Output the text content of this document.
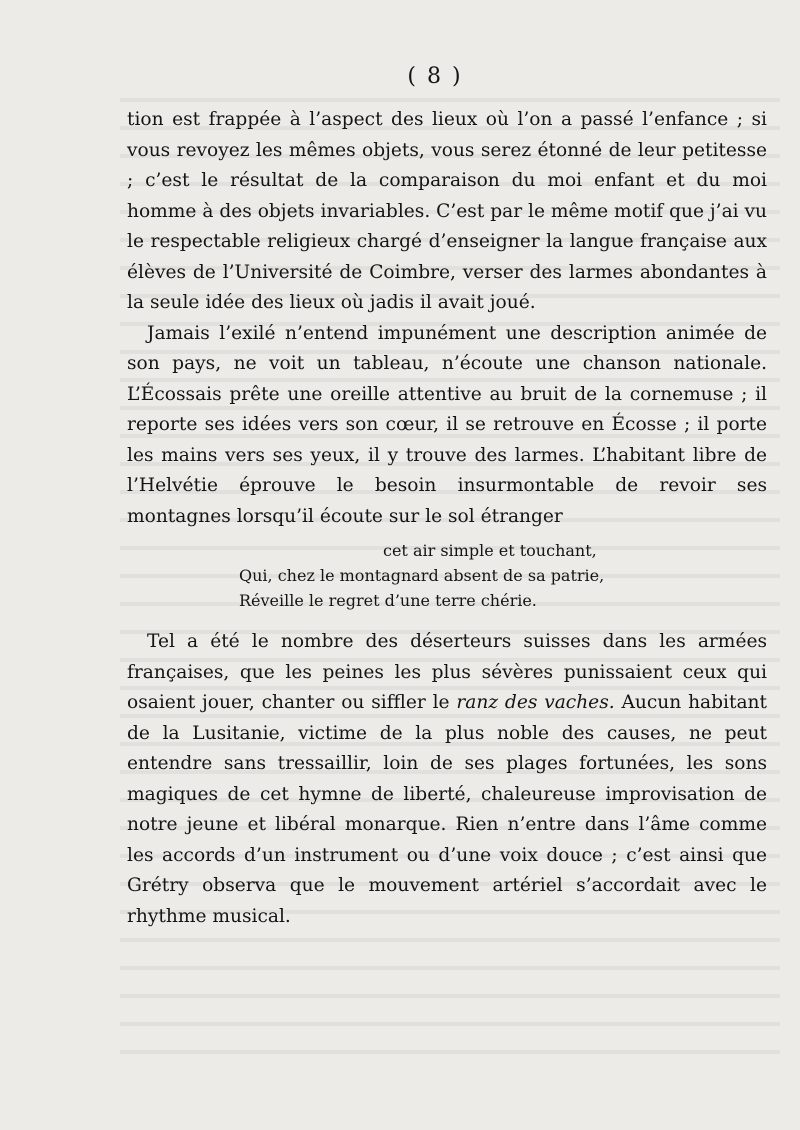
( 8 )

tion est frappée à l’aspect des lieux où l’on a passé l’enfance ; si vous revoyez les mêmes objets, vous serez étonné de leur petitesse ; c’est le résultat de la comparaison du moi enfant et du moi homme à des objets invariables. C’est par le même motif que j’ai vu le respectable religieux chargé d’enseigner la langue française aux élèves de l’Université de Coimbre, verser des larmes abondantes à la seule idée des lieux où jadis il avait joué.

Jamais l’exilé n’entend impunément une description animée de son pays, ne voit un tableau, n’écoute une chanson nationale. L’Écossais prête une oreille attentive au bruit de la cornemuse ; il reporte ses idées vers son cœur, il se retrouve en Écosse ; il porte les mains vers ses yeux, il y trouve des larmes. L’habitant libre de l’Helvétie éprouve le besoin insurmontable de revoir ses montagnes lorsqu’il écoute sur le sol étranger

cet air simple et touchant,
Qui, chez le montagnard absent de sa patrie,
Réveille le regret d’une terre chérie.

Tel a été le nombre des déserteurs suisses dans les armées françaises, que les peines les plus sévères punissaient ceux qui osaient jouer, chanter ou siffler le ranz des vaches. Aucun habitant de la Lusitanie, victime de la plus noble des causes, ne peut entendre sans tressaillir, loin de ses plages fortunées, les sons magiques de cet hymne de liberté, chaleureuse improvisation de notre jeune et libéral monarque. Rien n’entre dans l’âme comme les accords d’un instrument ou d’une voix douce ; c’est ainsi que Grétry observa que le mouvement artériel s’accordait avec le rhythme musical.
